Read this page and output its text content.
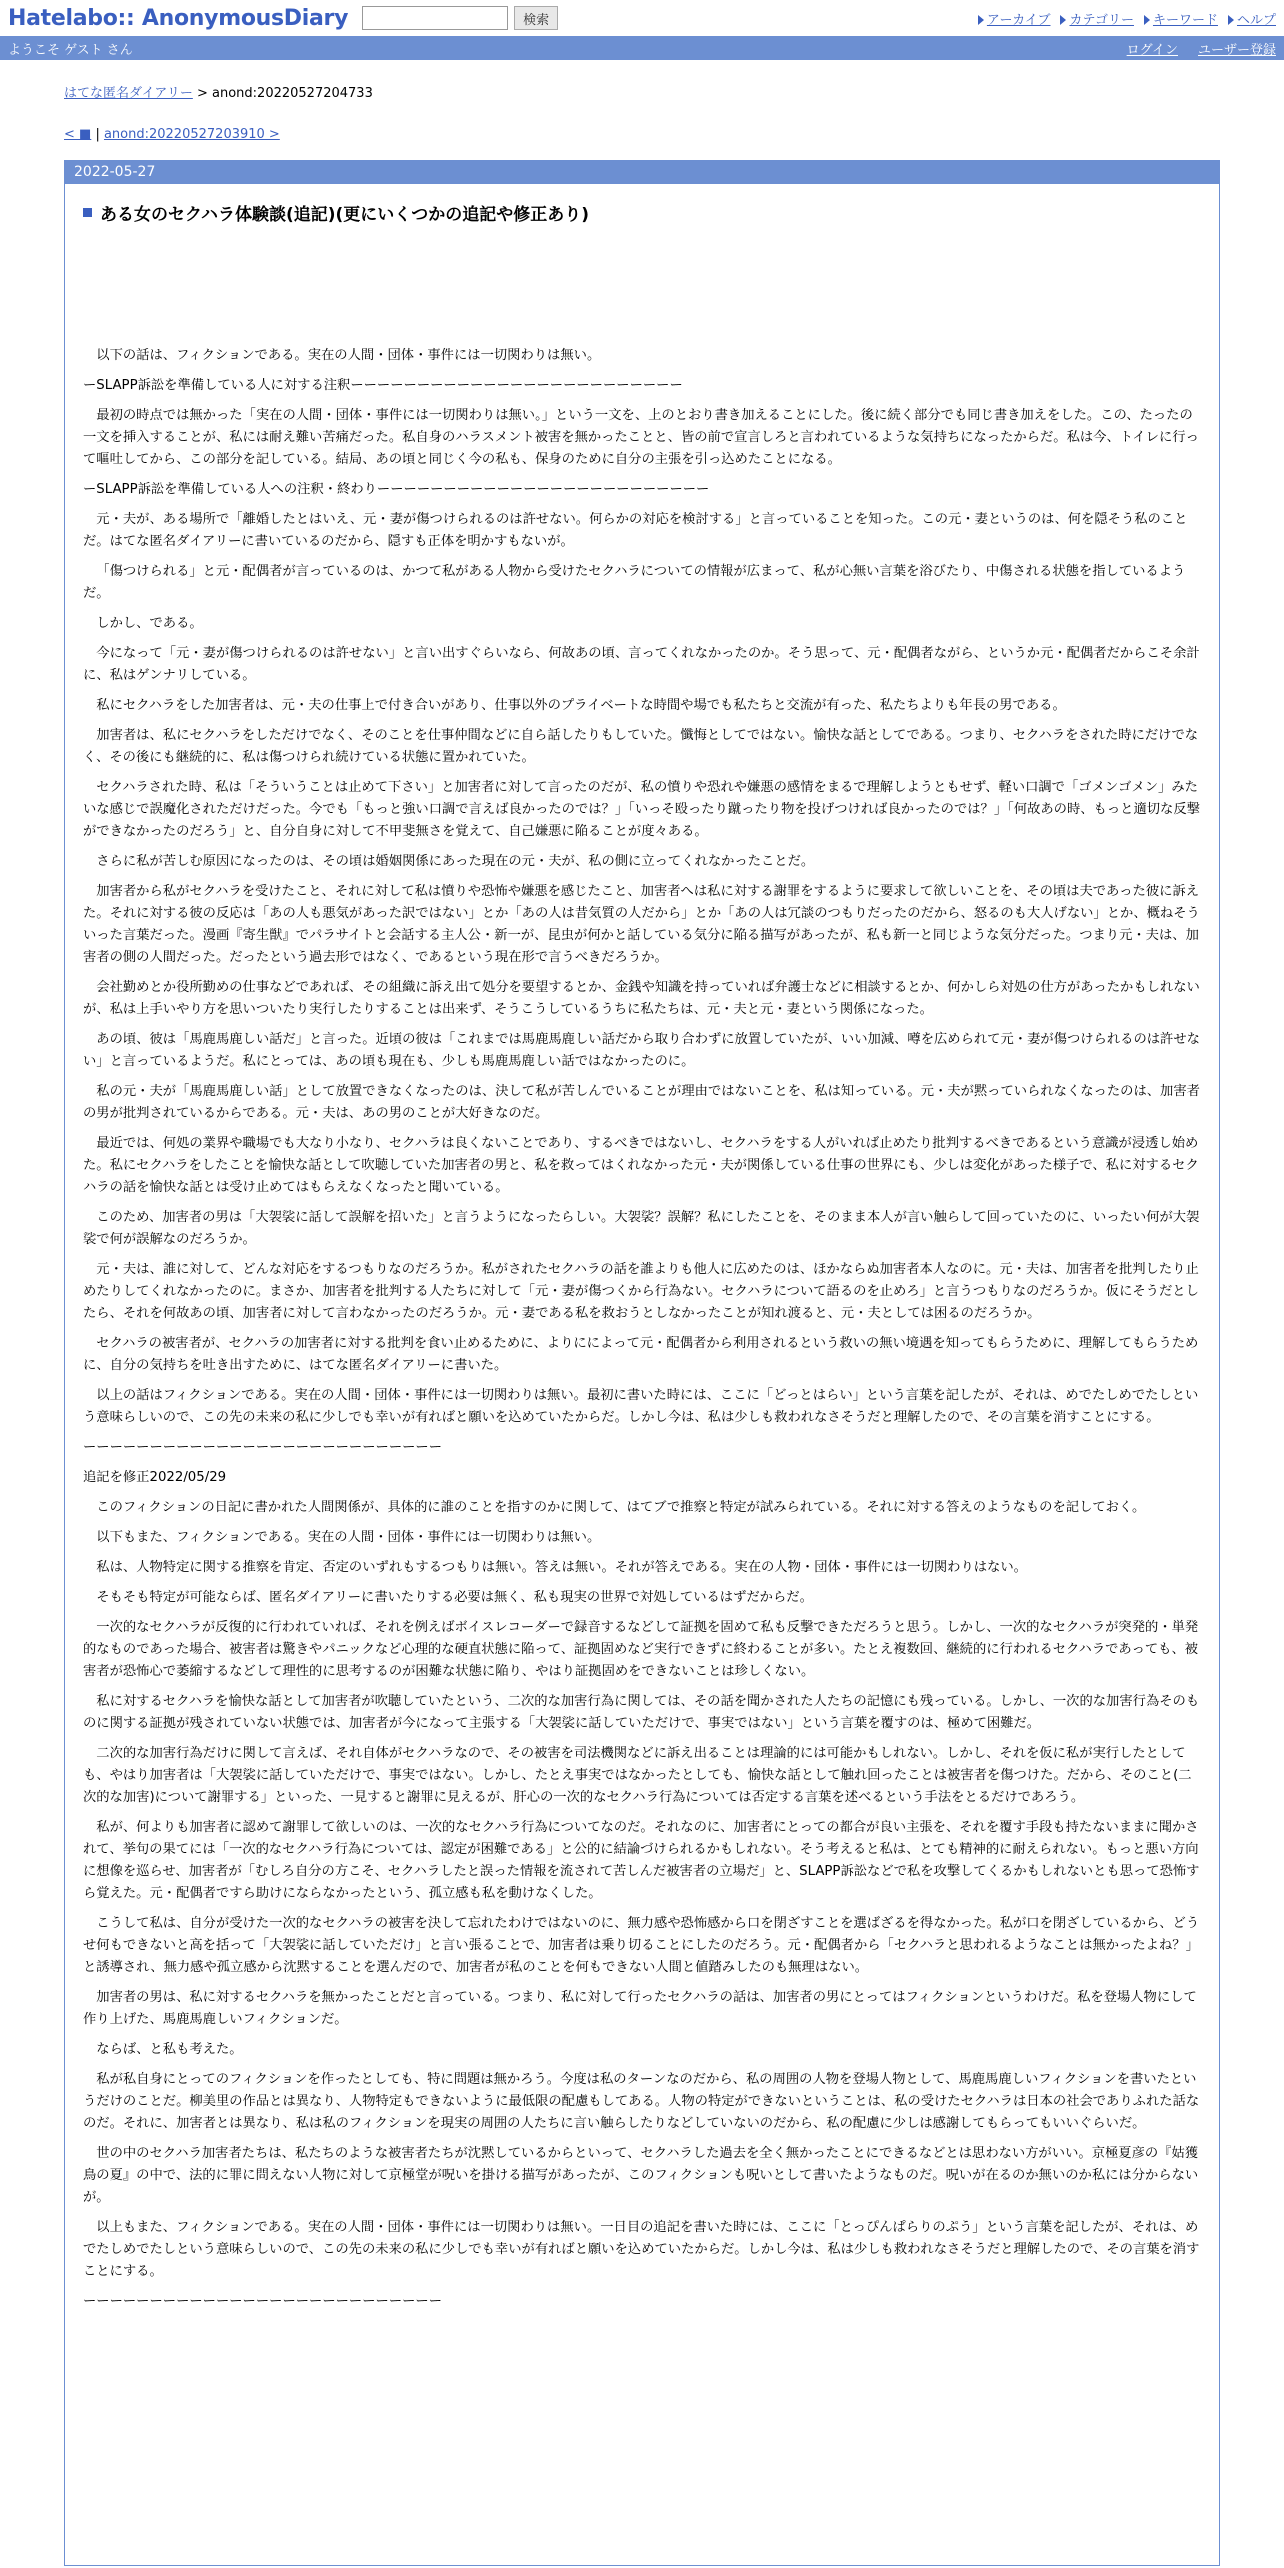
Hatelabo:: AnonymousDiary	検索	アーカイブ	カテゴリー	キーワード	ヘルプ
ようこそ ゲスト さん	ログイン ユーザー登録
はてな匿名ダイアリー > anond:20220527204733
< ■ | anond:20220527203910 >
2022-05-27
ある女のセクハラ体験談(追記)(更にいくつかの追記や修正あり)

以下の話は、フィクションである。実在の人間・団体・事件には一切関わりは無い。

ーSLAPP訴訟を準備している人に対する注釈ーーーーーーーーーーーーーーーーーーーーーーーーー

最初の時点では無かった「実在の人間・団体・事件には一切関わりは無い。」という一文を、上のとおり書き加えることにした。後に続く部分でも同じ書き加えをした。この、たったの一文を挿入することが、私には耐え難い苦痛だった。私自身のハラスメント被害を無かったことと、皆の前で宣言しろと言われているような気持ちになったからだ。私は今、トイレに行って嘔吐してから、この部分を記している。結局、あの頃と同じく今の私も、保身のために自分の主張を引っ込めたことになる。

ーSLAPP訴訟を準備している人への注釈・終わりーーーーーーーーーーーーーーーーーーーーーーーーー

元・夫が、ある場所で「離婚したとはいえ、元・妻が傷つけられるのは許せない。何らかの対応を検討する」と言っていることを知った。この元・妻というのは、何を隠そう私のことだ。はてな匿名ダイアリーに書いているのだから、隠すも正体を明かすもないが。

「傷つけられる」と元・配偶者が言っているのは、かつて私がある人物から受けたセクハラについての情報が広まって、私が心無い言葉を浴びたり、中傷される状態を指しているようだ。

しかし、である。

今になって「元・妻が傷つけられるのは許せない」と言い出すぐらいなら、何故あの頃、言ってくれなかったのか。そう思って、元・配偶者ながら、というか元・配偶者だからこそ余計に、私はゲンナリしている。

私にセクハラをした加害者は、元・夫の仕事上で付き合いがあり、仕事以外のプライベートな時間や場でも私たちと交流が有った、私たちよりも年長の男である。

加害者は、私にセクハラをしただけでなく、そのことを仕事仲間などに自ら話したりもしていた。懺悔としてではない。愉快な話としてである。つまり、セクハラをされた時にだけでなく、その後にも継続的に、私は傷つけられ続けている状態に置かれていた。

セクハラされた時、私は「そういうことは止めて下さい」と加害者に対して言ったのだが、私の憤りや恐れや嫌悪の感情をまるで理解しようともせず、軽い口調で「ゴメンゴメン」みたいな感じで誤魔化されただけだった。今でも「もっと強い口調で言えば良かったのでは？」「いっそ殴ったり蹴ったり物を投げつければ良かったのでは？」「何故あの時、もっと適切な反撃ができなかったのだろう」と、自分自身に対して不甲斐無さを覚えて、自己嫌悪に陥ることが度々ある。

さらに私が苦しむ原因になったのは、その頃は婚姻関係にあった現在の元・夫が、私の側に立ってくれなかったことだ。

加害者から私がセクハラを受けたこと、それに対して私は憤りや恐怖や嫌悪を感じたこと、加害者へは私に対する謝罪をするように要求して欲しいことを、その頃は夫であった彼に訴えた。それに対する彼の反応は「あの人も悪気があった訳ではない」とか「あの人は昔気質の人だから」とか「あの人は冗談のつもりだったのだから、怒るのも大人げない」とか、概ねそういった言葉だった。漫画『寄生獣』でパラサイトと会話する主人公・新一が、昆虫が何かと話している気分に陥る描写があったが、私も新一と同じような気分だった。つまり元・夫は、加害者の側の人間だった。だったという過去形ではなく、であるという現在形で言うべきだろうか。

会社勤めとか役所勤めの仕事などであれば、その組織に訴え出て処分を要望するとか、金銭や知識を持っていれば弁護士などに相談するとか、何かしら対処の仕方があったかもしれないが、私は上手いやり方を思いついたり実行したりすることは出来ず、そうこうしているうちに私たちは、元・夫と元・妻という関係になった。

あの頃、彼は「馬鹿馬鹿しい話だ」と言った。近頃の彼は「これまでは馬鹿馬鹿しい話だから取り合わずに放置していたが、いい加減、噂を広められて元・妻が傷つけられるのは許せない」と言っているようだ。私にとっては、あの頃も現在も、少しも馬鹿馬鹿しい話ではなかったのに。

私の元・夫が「馬鹿馬鹿しい話」として放置できなくなったのは、決して私が苦しんでいることが理由ではないことを、私は知っている。元・夫が黙っていられなくなったのは、加害者の男が批判されているからである。元・夫は、あの男のことが大好きなのだ。

最近では、何処の業界や職場でも大なり小なり、セクハラは良くないことであり、するべきではないし、セクハラをする人がいれば止めたり批判するべきであるという意識が浸透し始めた。私にセクハラをしたことを愉快な話として吹聴していた加害者の男と、私を救ってはくれなかった元・夫が関係している仕事の世界にも、少しは変化があった様子で、私に対するセクハラの話を愉快な話とは受け止めてはもらえなくなったと聞いている。

このため、加害者の男は「大袈裟に話して誤解を招いた」と言うようになったらしい。大袈裟？誤解？私にしたことを、そのまま本人が言い触らして回っていたのに、いったい何が大袈裟で何が誤解なのだろうか。

元・夫は、誰に対して、どんな対応をするつもりなのだろうか。私がされたセクハラの話を誰よりも他人に広めたのは、ほかならぬ加害者本人なのに。元・夫は、加害者を批判したり止めたりしてくれなかったのに。まさか、加害者を批判する人たちに対して「元・妻が傷つくから行為ない。セクハラについて語るのを止めろ」と言うつもりなのだろうか。仮にそうだとしたら、それを何故あの頃、加害者に対して言わなかったのだろうか。元・妻である私を救おうとしなかったことが知れ渡ると、元・夫としては困るのだろうか。

セクハラの被害者が、セクハラの加害者に対する批判を食い止めるために、よりにによって元・配偶者から利用されるという救いの無い境遇を知ってもらうために、理解してもらうために、自分の気持ちを吐き出すために、はてな匿名ダイアリーに書いた。

以上の話はフィクションである。実在の人間・団体・事件には一切関わりは無い。最初に書いた時には、ここに「どっとはらい」という言葉を記したが、それは、めでたしめでたしという意味らしいので、この先の未来の私に少しでも幸いが有ればと願いを込めていたからだ。しかし今は、私は少しも救われなさそうだと理解したので、その言葉を消すことにする。

ーーーーーーーーーーーーーーーーーーーーーーーーーーー

追記を修正2022/05/29

このフィクションの日記に書かれた人間関係が、具体的に誰のことを指すのかに関して、はてブで推察と特定が試みられている。それに対する答えのようなものを記しておく。

以下もまた、フィクションである。実在の人間・団体・事件には一切関わりは無い。

私は、人物特定に関する推察を肯定、否定のいずれもするつもりは無い。答えは無い。それが答えである。実在の人物・団体・事件には一切関わりはない。

そもそも特定が可能ならば、匿名ダイアリーに書いたりする必要は無く、私も現実の世界で対処しているはずだからだ。

一次的なセクハラが反復的に行われていれば、それを例えばボイスレコーダーで録音するなどして証拠を固めて私も反撃できただろうと思う。しかし、一次的なセクハラが突発的・単発的なものであった場合、被害者は驚きやパニックなど心理的な硬直状態に陥って、証拠固めなど実行できずに終わることが多い。たとえ複数回、継続的に行われるセクハラであっても、被害者が恐怖心で萎縮するなどして理性的に思考するのが困難な状態に陥り、やはり証拠固めをできないことは珍しくない。

私に対するセクハラを愉快な話として加害者が吹聴していたという、二次的な加害行為に関しては、その話を聞かされた人たちの記憶にも残っている。しかし、一次的な加害行為そのものに関する証拠が残されていない状態では、加害者が今になって主張する「大袈裟に話していただけで、事実ではない」という言葉を覆すのは、極めて困難だ。

二次的な加害行為だけに関して言えば、それ自体がセクハラなので、その被害を司法機関などに訴え出ることは理論的には可能かもしれない。しかし、それを仮に私が実行したとしても、やはり加害者は「大袈裟に話していただけで、事実ではない。しかし、たとえ事実ではなかったとしても、愉快な話として触れ回ったことは被害者を傷つけた。だから、そのこと(二次的な加害)について謝罪する」といった、一見すると謝罪に見えるが、肝心の一次的なセクハラ行為については否定する言葉を述べるという手法をとるだけであろう。

私が、何よりも加害者に認めて謝罪して欲しいのは、一次的なセクハラ行為についてなのだ。それなのに、加害者にとっての都合が良い主張を、それを覆す手段も持たないままに聞かされて、挙句の果てには「一次的なセクハラ行為については、認定が困難である」と公的に結論づけられるかもしれない。そう考えると私は、とても精神的に耐えられない。もっと悪い方向に想像を巡らせ、加害者が「むしろ自分の方こそ、セクハラしたと誤った情報を流されて苦しんだ被害者の立場だ」と、SLAPP訴訟などで私を攻撃してくるかもしれないとも思って恐怖すら覚えた。元・配偶者ですら助けにならなかったという、孤立感も私を動けなくした。

こうして私は、自分が受けた一次的なセクハラの被害を決して忘れたわけではないのに、無力感や恐怖感から口を閉ざすことを選ばざるを得なかった。私が口を閉ざしているから、どうせ何もできないと高を括って「大袈裟に話していただけ」と言い張ることで、加害者は乗り切ることにしたのだろう。元・配偶者から「セクハラと思われるようなことは無かったよね？」と誘導され、無力感や孤立感から沈黙することを選んだので、加害者が私のことを何もできない人間と値踏みしたのも無理はない。

加害者の男は、私に対するセクハラを無かったことだと言っている。つまり、私に対して行ったセクハラの話は、加害者の男にとってはフィクションというわけだ。私を登場人物にして作り上げた、馬鹿馬鹿しいフィクションだ。

ならば、と私も考えた。

私が私自身にとってのフィクションを作ったとしても、特に問題は無かろう。今度は私のターンなのだから、私の周囲の人物を登場人物として、馬鹿馬鹿しいフィクションを書いたというだけのことだ。柳美里の作品とは異なり、人物特定もできないように最低限の配慮もしてある。人物の特定ができないということは、私の受けたセクハラは日本の社会でありふれた話なのだ。それに、加害者とは異なり、私は私のフィクションを現実の周囲の人たちに言い触らしたりなどしていないのだから、私の配慮に少しは感謝してもらってもいいぐらいだ。

世の中のセクハラ加害者たちは、私たちのような被害者たちが沈黙しているからといって、セクハラした過去を全く無かったことにできるなどとは思わない方がいい。京極夏彦の『姑獲鳥の夏』の中で、法的に罪に問えない人物に対して京極堂が呪いを掛ける描写があったが、このフィクションも呪いとして書いたようなものだ。呪いが在るのか無いのか私には分からないが。

以上もまた、フィクションである。実在の人間・団体・事件には一切関わりは無い。一日目の追記を書いた時には、ここに「とっぴんぱらりのぷう」という言葉を記したが、それは、めでたしめでたしという意味らしいので、この先の未来の私に少しでも幸いが有ればと願いを込めていたからだ。しかし今は、私は少しも救われなさそうだと理解したので、その言葉を消すことにする。

ーーーーーーーーーーーーーーーーーーーーーーーーーーー
